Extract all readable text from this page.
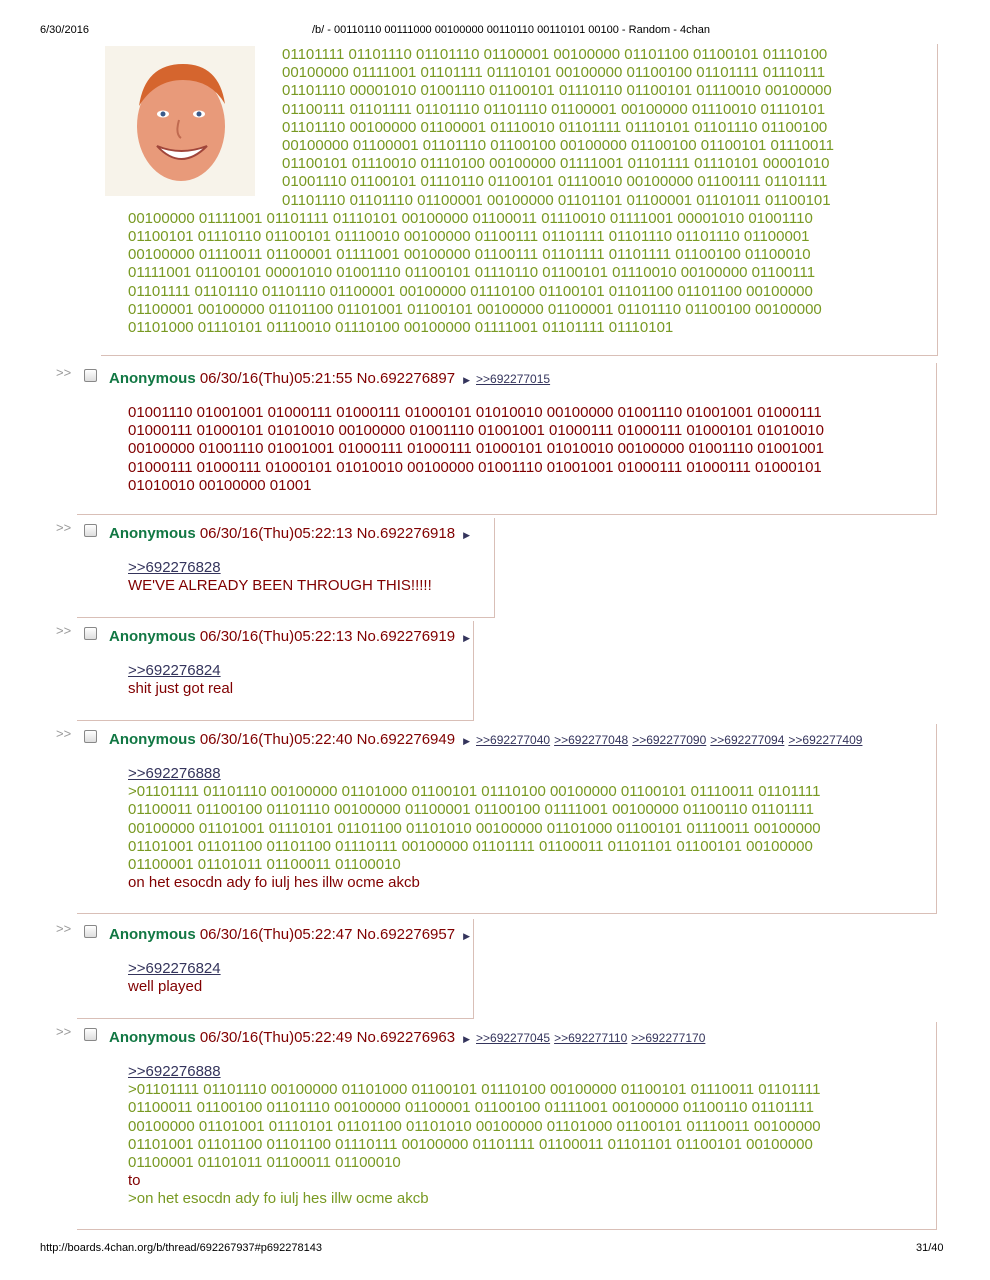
6/30/2016	/b/ - 00110110 00111000 00100000 00110110 00110101 00100 - Random - 4chan
01101111 01101110 01101110 01100001 00100000 01101100 01100101 01110100
00100000 01111001 01101111 01110101 00100000 01100100 01101111 01110111
01101110 00001010 01001110 01100101 01110110 01100101 01110010 00100000
01100111 01101111 01101110 01101110 01100001 00100000 01110010 01110101
01101110 00100000 01100001 01110010 01101111 01110101 01101110 01100100
00100000 01100001 01101110 01100100 00100000 01100100 01100101 01110011
01100101 01110010 01110100 00100000 01111001 01101111 01110101 00001010
01001110 01100101 01110110 01100101 01110010 00100000 01100111 01101111
01101110 01101110 01100001 00100000 01101101 01100001 01101011 01100101
00100000 01111001 01101111 01110101 00100000 01100011 01110010 01111001 00001010 01001110
01100101 01110110 01100101 01110010 00100000 01100111 01101111 01101110 01101110 01100001
00100000 01110011 01100001 01111001 00100000 01100111 01101111 01101111 01100100 01100010
01111001 01100101 00001010 01001110 01100101 01110110 01100101 01110010 00100000 01100111
01101111 01101110 01101110 01100001 00100000 01110100 01100101 01101100 01101100 00100000
01100001 00100000 01101100 01101001 01100101 00100000 01100001 01101110 01100100 00100000
01101000 01110101 01110010 01110100 00100000 01111001 01101111 01110101
>>	Anonymous 06/30/16(Thu)05:21:55 No.692276897 ▶ >>692277015
01001110 01001001 01000111 01000111 01000101 01010010 00100000 01001110 01001001 01000111
01000111 01000101 01010010 00100000 01001110 01001001 01000111 01000111 01000101 01010010
00100000 01001110 01001001 01000111 01000111 01000101 01010010 00100000 01001110 01001001
01000111 01000111 01000101 01010010 00100000 01001110 01001001 01000111 01000111 01000101
01010010 00100000 01001
>>	Anonymous 06/30/16(Thu)05:22:13 No.692276918 ▶
>>692276828
WE'VE ALREADY BEEN THROUGH THIS!!!!!
>>	Anonymous 06/30/16(Thu)05:22:13 No.692276919 ▶
>>692276824
shit just got real
>>	Anonymous 06/30/16(Thu)05:22:40 No.692276949 ▶ >>692277040 >>692277048 >>692277090 >>692277094 >>692277409
>>692276888
>01101111 01101110 00100000 01101000 01100101 01110100 00100000 01100101 01110011 01101111
01100011 01100100 01101110 00100000 01100001 01100100 01111001 00100000 01100110 01101111
00100000 01101001 01110101 01101100 01101010 00100000 01101000 01100101 01110011 00100000
01101001 01101100 01101100 01110111 00100000 01101111 01100011 01101101 01100101 00100000
01100001 01101011 01100011 01100010
on het esocdn ady fo iulj hes illw ocme akcb
>>	Anonymous 06/30/16(Thu)05:22:47 No.692276957 ▶
>>692276824
well played
>>	Anonymous 06/30/16(Thu)05:22:49 No.692276963 ▶ >>692277045 >>692277110 >>692277170
>>692276888
>01101111 01101110 00100000 01101000 01100101 01110100 00100000 01100101 01110011 01101111
01100011 01100100 01101110 00100000 01100001 01100100 01111001 00100000 01100110 01101111
00100000 01101001 01110101 01101100 01101010 00100000 01101000 01100101 01110011 00100000
01101001 01101100 01101100 01110111 00100000 01101111 01100011 01101101 01100101 00100000
01100001 01101011 01100011 01100010
to
>on het esocdn ady fo iulj hes illw ocme akcb
http://boards.4chan.org/b/thread/692267937#p692278143	31/40
